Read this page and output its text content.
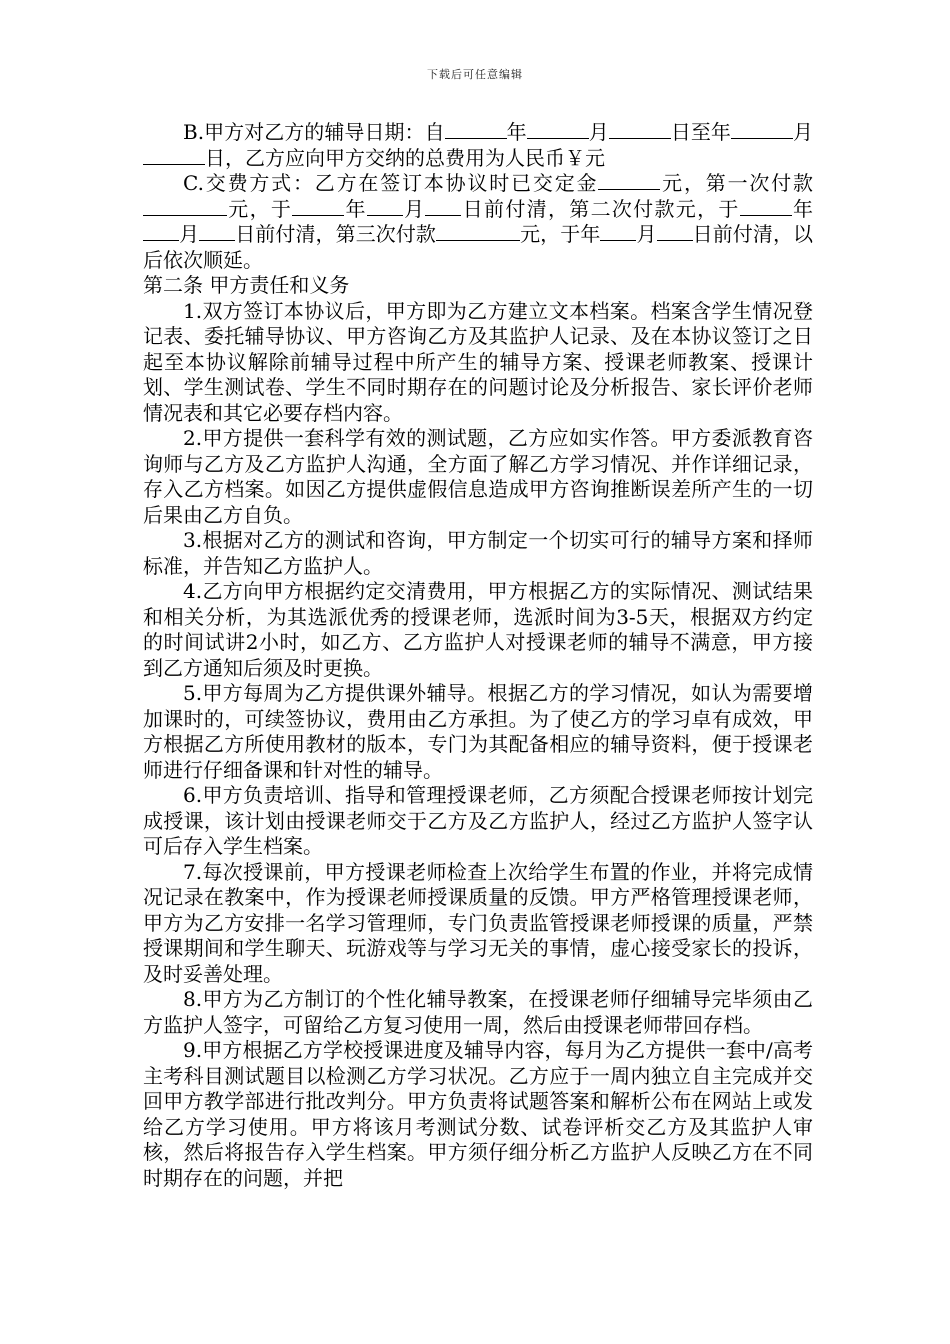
下载后可任意编辑

B.甲方对乙方的辅导日期：自	年	月	日至年	月日，乙方应向甲方交纳的总费用为人民币￥元

C.交费方式：乙方在签订本协议时已交定金	元，第一次付款元，于	年 月 日前付清，第二次付款元，于	年月 日前付清，第三次付款	元，于年 月 日前付清，以后依次顺延。

第二条 甲方责任和义务

1.双方签订本协议后，甲方即为乙方建立文本档案。档案含学生情况登记表、委托辅导协议、甲方咨询乙方及其监护人记录、及在本协议签订之日起至本协议解除前辅导过程中所产生的辅导方案、授课老师教案、授课计划、学生测试卷、学生不同时期存在的问题讨论及分析报告、家长评价老师情况表和其它必要存档内容。

2.甲方提供一套科学有效的测试题，乙方应如实作答。甲方委派教育咨询师与乙方及乙方监护人沟通，全方面了解乙方学习情况、并作详细记录，存入乙方档案。如因乙方提供虚假信息造成甲方咨询推断误差所产生的一切后果由乙方自负。

3.根据对乙方的测试和咨询，甲方制定一个切实可行的辅导方案和择师标准，并告知乙方监护人。

4.乙方向甲方根据约定交清费用，甲方根据乙方的实际情况、测试结果和相关分析，为其选派优秀的授课老师，选派时间为3-5天，根据双方约定的时间试讲2小时，如乙方、乙方监护人对授课老师的辅导不满意，甲方接到乙方通知后须及时更换。

5.甲方每周为乙方提供课外辅导。根据乙方的学习情况，如认为需要增加课时的，可续签协议，费用由乙方承担。为了使乙方的学习卓有成效，甲方根据乙方所使用教材的版本，专门为其配备相应的辅导资料，便于授课老师进行仔细备课和针对性的辅导。

6.甲方负责培训、指导和管理授课老师，乙方须配合授课老师按计划完成授课，该计划由授课老师交于乙方及乙方监护人，经过乙方监护人签字认可后存入学生档案。

7.每次授课前，甲方授课老师检查上次给学生布置的作业，并将完成情况记录在教案中，作为授课老师授课质量的反馈。甲方严格管理授课老师，甲方为乙方安排一名学习管理师，专门负责监管授课老师授课的质量，严禁授课期间和学生聊天、玩游戏等与学习无关的事情，虚心接受家长的投诉，及时妥善处理。

8.甲方为乙方制订的个性化辅导教案，在授课老师仔细辅导完毕须由乙方监护人签字，可留给乙方复习使用一周，然后由授课老师带回存档。

9.甲方根据乙方学校授课进度及辅导内容，每月为乙方提供一套中/高考主考科目测试题目以检测乙方学习状况。乙方应于一周内独立自主完成并交回甲方教学部进行批改判分。甲方负责将试题答案和解析公布在网站上或发给乙方学习使用。甲方将该月考测试分数、试卷评析交乙方及其监护人审核，然后将报告存入学生档案。甲方须仔细分析乙方监护人反映乙方在不同时期存在的问题，并把
